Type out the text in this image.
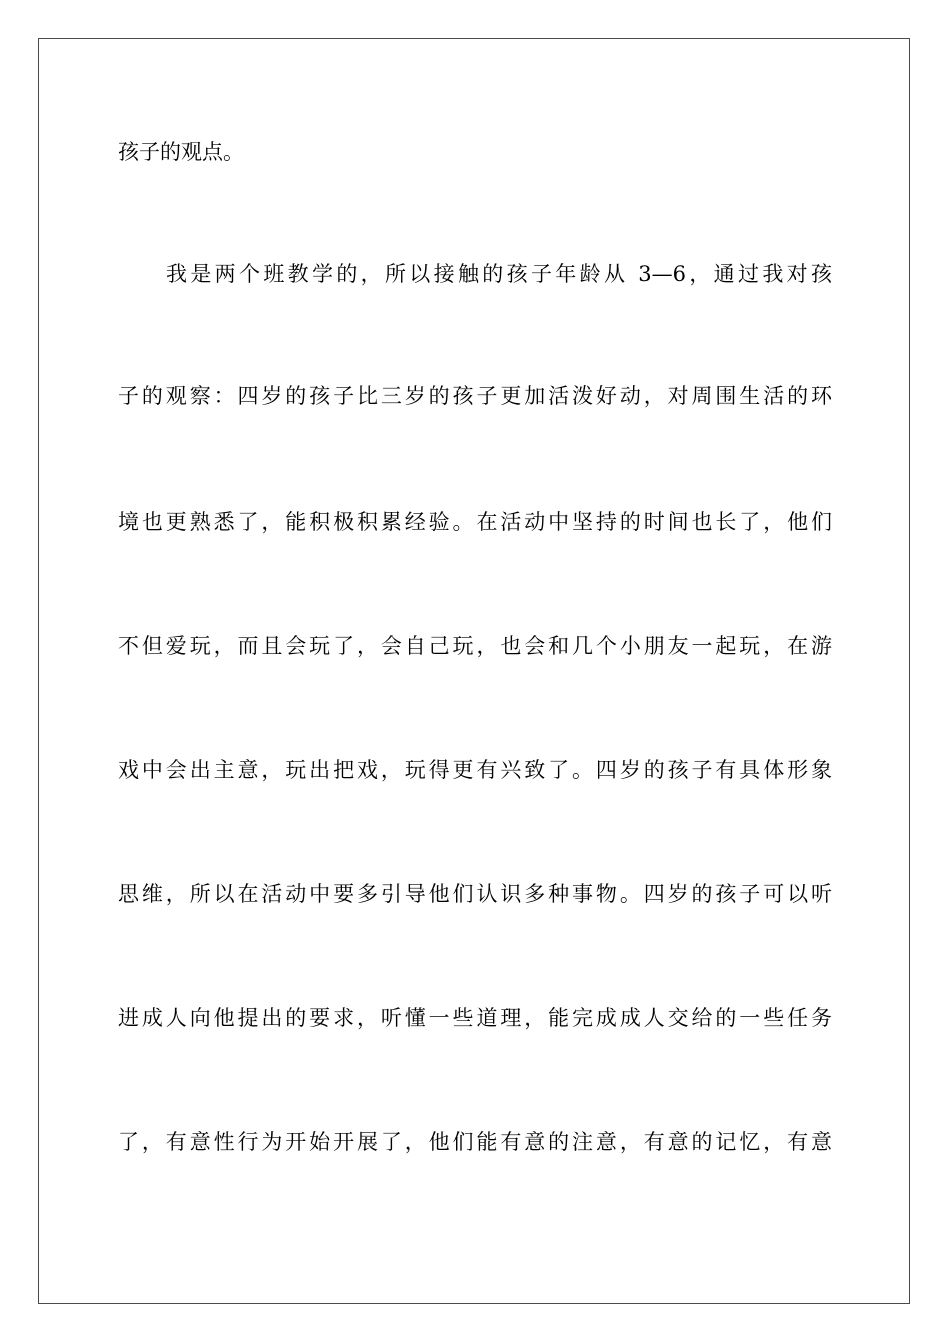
孩子的观点。
我是两个班教学的，所以接触的孩子年龄从 3—6，通过我对孩
子的观察：四岁的孩子比三岁的孩子更加活泼好动，对周围生活的环
境也更熟悉了，能积极积累经验。在活动中坚持的时间也长了，他们
不但爱玩，而且会玩了，会自己玩，也会和几个小朋友一起玩，在游
戏中会出主意，玩出把戏，玩得更有兴致了。四岁的孩子有具体形象
思维，所以在活动中要多引导他们认识多种事物。四岁的孩子可以听
进成人向他提出的要求，听懂一些道理，能完成成人交给的一些任务
了，有意性行为开始开展了，他们能有意的注意，有意的记忆，有意
